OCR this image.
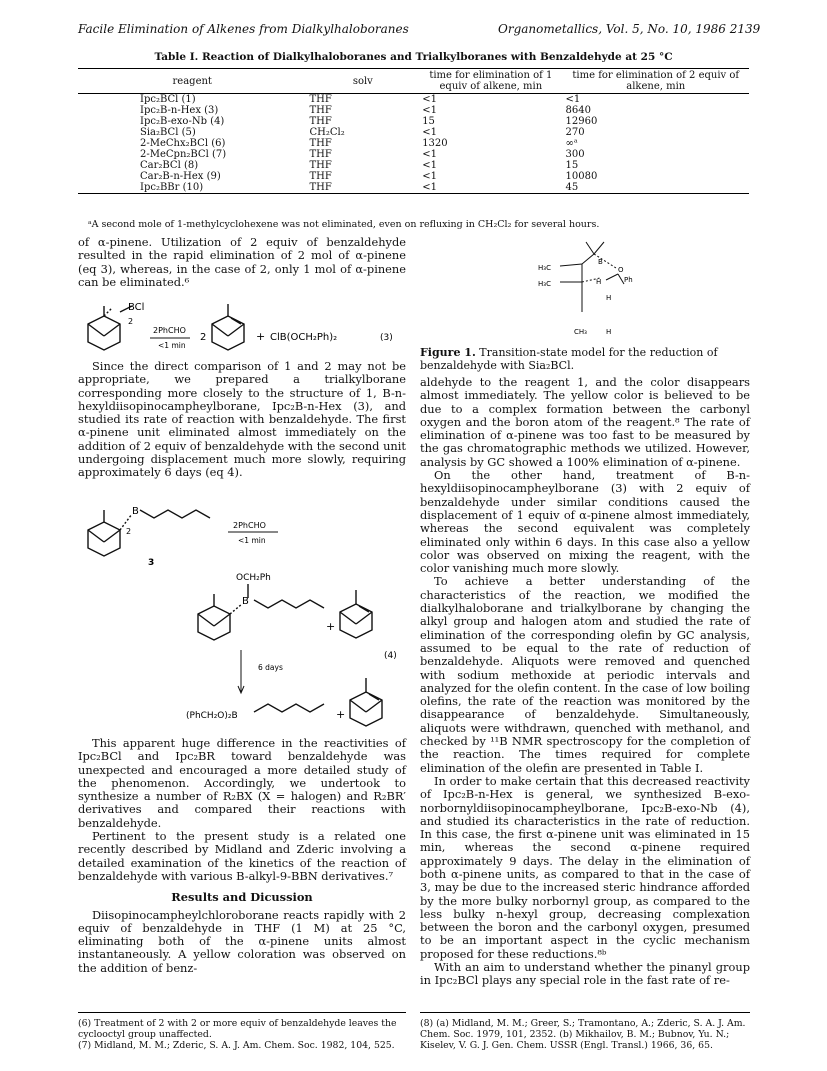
Facile Elimination of Alkenes from Dialkylhaloboranes	Organometallics, Vol. 5, No. 10, 1986 2139
Table I. Reaction of Dialkylhaloboranes and Trialkylboranes with Benzaldehyde at 25 °C
reagent	solv	time for elimination of 1 equiv of alkene, min	time for elimination of 2 equiv of alkene, min
Ipc₂BCl (1)	THF	<1	<1
Ipc₂B-n-Hex (3)	THF	<1	8640
Ipc₂B-exo-Nb (4)	THF	15	12960
Sia₂BCl (5)	CH₂Cl₂	<1	270
2-MeChx₂BCl (6)	THF	1320	∞ᵃ
2-MeCpn₂BCl (7)	THF	<1	300
Car₂BCl (8)	THF	<1	15
Car₂B-n-Hex (9)	THF	<1	10080
Ipc₂BBr (10)	THF	<1	45
ᵃA second mole of 1-methylcyclohexene was not eliminated, even on refluxing in CH₂Cl₂ for several hours.

of α-pinene. Utilization of 2 equiv of benzaldehyde resulted in the rapid elimination of 2 mol of α-pinene (eq 3), whereas, in the case of 2, only 1 mol of α-pinene can be eliminated.⁶

BCl
2
2PhCHO
<1 min
2	+ ClB(OCH₂Ph)₂	(3)

Since the direct comparison of 1 and 2 may not be appropriate, we prepared a trialkylborane corresponding more closely to the structure of 1, B-n-hexyldiisopinocampheylborane, Ipc₂B-n-Hex (3), and studied its rate of reaction with benzaldehyde. The first α-pinene unit eliminated almost immediately on the addition of 2 equiv of benzaldehyde with the second unit undergoing displacement much more slowly, requiring approximately 6 days (eq 4).

B
2
2PhCHO
<1 min
3
OCH₂Ph
B
+
(4)
6 days
(PhCH₂O)₂B	+

This apparent huge difference in the reactivities of Ipc₂BCl and Ipc₂BR toward benzaldehyde was unexpected and encouraged a more detailed study of the phenomenon. Accordingly, we undertook to synthesize a number of R₂BX (X = halogen) and R₂BR′ derivatives and compared their reactions with benzaldehyde.

Pertinent to the present study is a related one recently described by Midland and Zderic involving a detailed examination of the kinetics of the reaction of benzaldehyde with various B-alkyl-9-BBN derivatives.⁷

Results and Dicussion

Diisopinocampheylchloroborane reacts rapidly with 2 equiv of benzaldehyde in THF (1 M) at 25 °C, eliminating both of the α-pinene units almost instantaneously. A yellow coloration was observed on the addition of benz-

H₃C
B
H₃C	H
O
Ph
H
CH₃	H
Figure 1. Transition-state model for the reduction of benzaldehyde with Sia₂BCl.

aldehyde to the reagent 1, and the color disappears almost immediately. The yellow color is believed to be due to a complex formation between the carbonyl oxygen and the boron atom of the reagent.⁸ The rate of elimination of α-pinene was too fast to be measured by the gas chromatographic methods we utilized. However, analysis by GC showed a 100% elimination of α-pinene.

On the other hand, treatment of B-n-hexyldiisopinocampheylborane (3) with 2 equiv of benzaldehyde under similar conditions caused the displacement of 1 equiv of α-pinene almost immediately, whereas the second equivalent was completely eliminated only within 6 days. In this case also a yellow color was observed on mixing the reagent, with the color vanishing much more slowly.

To achieve a better understanding of the characteristics of the reaction, we modified the dialkylhaloborane and trialkylborane by changing the alkyl group and halogen atom and studied the rate of elimination of the corresponding olefin by GC analysis, assumed to be equal to the rate of reduction of benzaldehyde. Aliquots were removed and quenched with sodium methoxide at periodic intervals and analyzed for the olefin content. In the case of low boiling olefins, the rate of the reaction was monitored by the disappearance of benzaldehyde. Simultaneously, aliquots were withdrawn, quenched with methanol, and checked by ¹¹B NMR spectroscopy for the completion of the reaction. The times required for complete elimination of the olefin are presented in Table I.

In order to make certain that this decreased reactivity of Ipc₂B-n-Hex is general, we synthesized B-exo-norbornyldiisopinocampheylborane, Ipc₂B-exo-Nb (4), and studied its characteristics in the rate of reduction. In this case, the first α-pinene unit was eliminated in 15 min, whereas the second α-pinene required approximately 9 days. The delay in the elimination of both α-pinene units, as compared to that in the case of 3, may be due to the increased steric hindrance afforded by the more bulky norbornyl group, as compared to the less bulky n-hexyl group, decreasing complexation between the boron and the carbonyl oxygen, presumed to be an important aspect in the cyclic mechanism proposed for these reductions.⁸ᵇ

With an aim to understand whether the pinanyl group in Ipc₂BCl plays any special role in the fast rate of re-

(6) Treatment of 2 with 2 or more equiv of benzaldehyde leaves the cyclooctyl group unaffected.
(7) Midland, M. M.; Zderic, S. A. J. Am. Chem. Soc. 1982, 104, 525.
(8) (a) Midland, M. M.; Greer, S.; Tramontano, A.; Zderic, S. A. J. Am. Chem. Soc. 1979, 101, 2352. (b) Mikhailov, B. M.; Bubnov, Yu. N.; Kiselev, V. G. J. Gen. Chem. USSR (Engl. Transl.) 1966, 36, 65.
